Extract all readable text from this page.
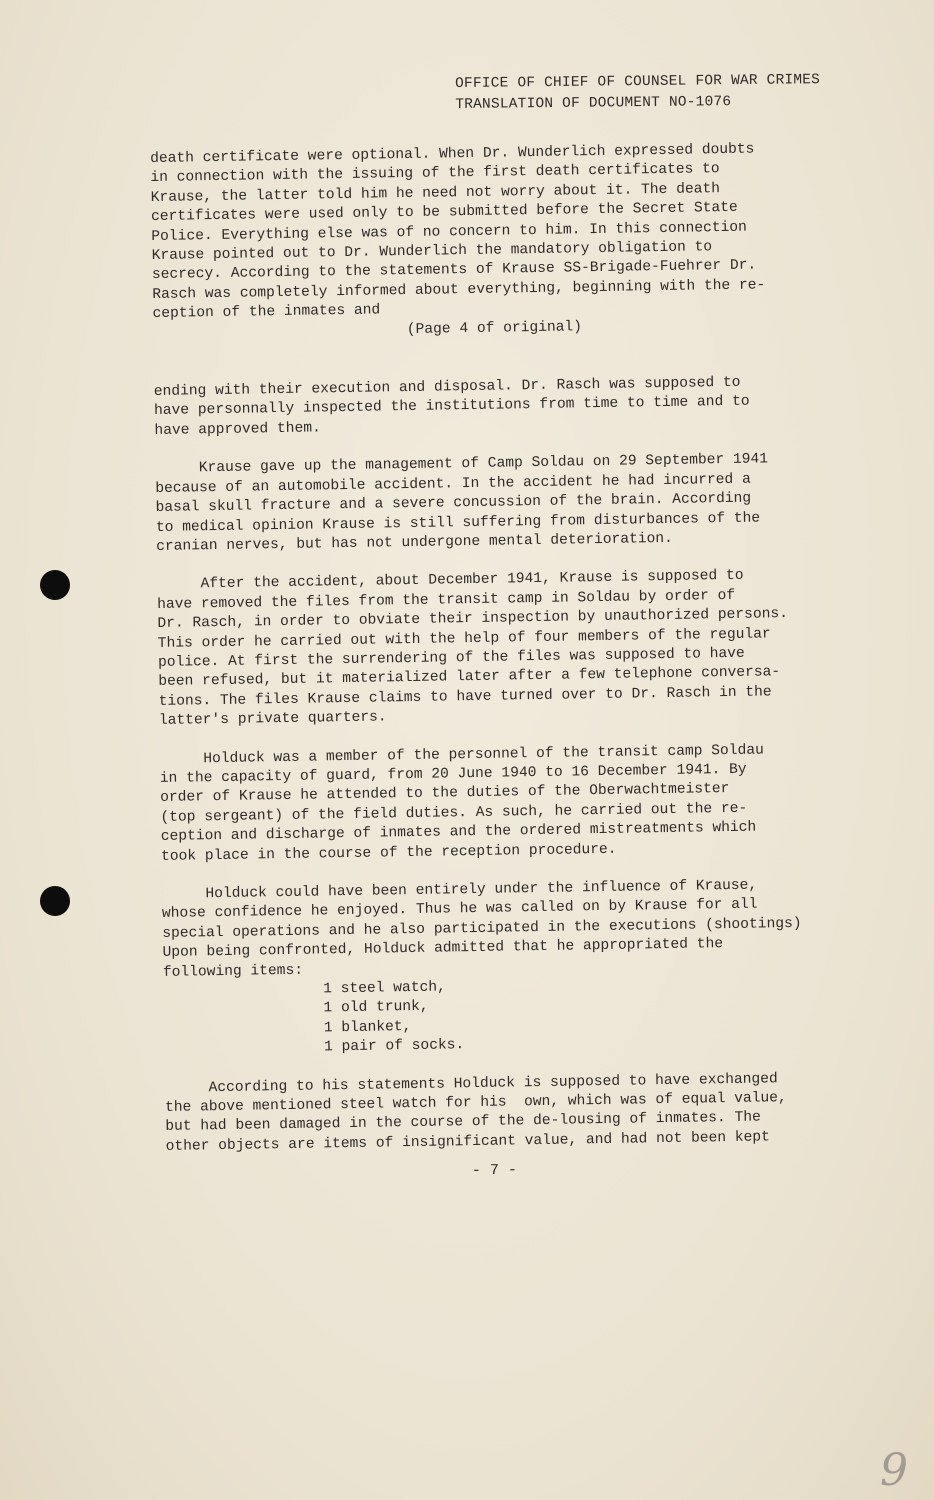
OFFICE OF CHIEF OF COUNSEL FOR WAR CRIMES
TRANSLATION OF DOCUMENT NO-1076
death certificate were optional. When Dr. Wunderlich expressed doubts
in connection with the issuing of the first death certificates to
Krause, the latter told him he need not worry about it. The death
certificates were used only to be submitted before the Secret State
Police. Everything else was of no concern to him. In this connection
Krause pointed out to Dr. Wunderlich the mandatory obligation to
secrecy. According to the statements of Krause SS-Brigade-Fuehrer Dr.
Rasch was completely informed about everything, beginning with the re-
ception of the inmates and
(Page 4 of original)
ending with their execution and disposal. Dr. Rasch was supposed to
have personnally inspected the institutions from time to time and to
have approved them.
Krause gave up the management of Camp Soldau on 29 September 1941
because of an automobile accident. In the accident he had incurred a
basal skull fracture and a severe concussion of the brain. According
to medical opinion Krause is still suffering from disturbances of the
cranian nerves, but has not undergone mental deterioration.
After the accident, about December 1941, Krause is supposed to
have removed the files from the transit camp in Soldau by order of
Dr. Rasch, in order to obviate their inspection by unauthorized persons.
This order he carried out with the help of four members of the regular
police. At first the surrendering of the files was supposed to have
been refused, but it materialized later after a few telephone conversa-
tions. The files Krause claims to have turned over to Dr. Rasch in the
latter's private quarters.
Holduck was a member of the personnel of the transit camp Soldau
in the capacity of guard, from 20 June 1940 to 16 December 1941. By
order of Krause he attended to the duties of the Oberwachtmeister
(top sergeant) of the field duties. As such, he carried out the re-
ception and discharge of inmates and the ordered mistreatments which
took place in the course of the reception procedure.
Holduck could have been entirely under the influence of Krause,
whose confidence he enjoyed. Thus he was called on by Krause for all
special operations and he also participated in the executions (shootings)
Upon being confronted, Holduck admitted that he appropriated the
following items:
1 steel watch,
1 old trunk,
1 blanket,
1 pair of socks.
According to his statements Holduck is supposed to have exchanged
the above mentioned steel watch for his  own, which was of equal value,
but had been damaged in the course of the de-lousing of inmates. The
other objects are items of insignificant value, and had not been kept
- 7 -
9
